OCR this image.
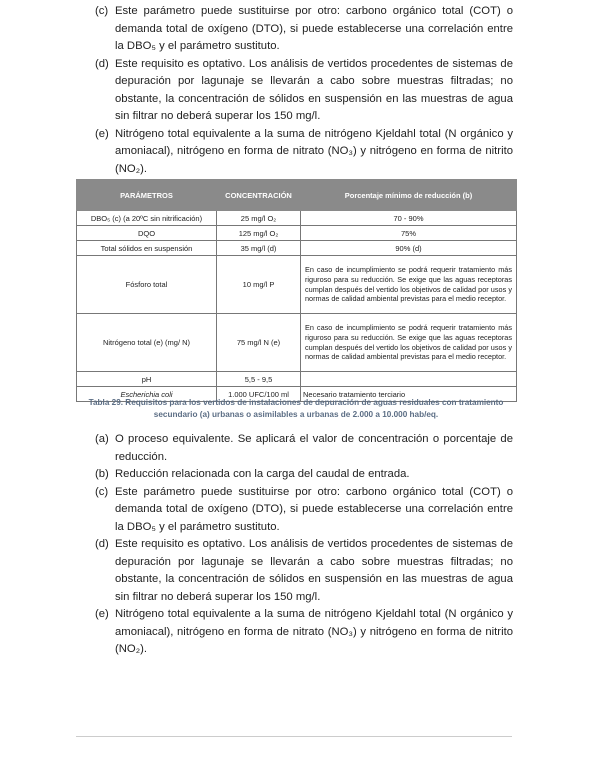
(c) Este parámetro puede sustituirse por otro: carbono orgánico total (COT) o demanda total de oxígeno (DTO), si puede establecerse una correlación entre la DBO₅ y el parámetro sustituto.
(d) Este requisito es optativo. Los análisis de vertidos procedentes de sistemas de depuración por lagunaje se llevarán a cabo sobre muestras filtradas; no obstante, la concentración de sólidos en suspensión en las muestras de agua sin filtrar no deberá superar los 150 mg/l.
(e) Nitrógeno total equivalente a la suma de nitrógeno Kjeldahl total (N orgánico y amoniacal), nitrógeno en forma de nitrato (NO₃) y nitrógeno en forma de nitrito (NO₂).
PARÁMETROS	CONCENTRACIÓN	Porcentaje mínimo de reducción (b)
DBO₅ (c) (a 20ºC sin nitrificación)	25 mg/l O₂	70 - 90%
DQO	125 mg/l O₂	75%
Total sólidos en suspensión	35 mg/l (d)	90% (d)
Fósforo total	10 mg/l P	En caso de incumplimiento se podrá requerir tratamiento más riguroso para su reducción. Se exige que las aguas receptoras cumplan después del vertido los objetivos de calidad por usos y normas de calidad ambiental previstas para el medio receptor.
Nitrógeno total (e) (mg/ N)	75 mg/l N (e)	En caso de incumplimiento se podrá requerir tratamiento más riguroso para su reducción. Se exige que las aguas receptoras cumplan después del vertido los objetivos de calidad por usos y normas de calidad ambiental previstas para el medio receptor.
pH	5,5 - 9,5	
Escherichia coli	1.000 UFC/100 ml	Necesario tratamiento terciario
Tabla 29. Requisitos para los vertidos de instalaciones de depuración de aguas residuales con tratamiento secundario (a) urbanas o asimilables a urbanas de 2.000 a 10.000 hab/eq.
(a) O proceso equivalente. Se aplicará el valor de concentración o porcentaje de reducción.
(b) Reducción relacionada con la carga del caudal de entrada.
(c) Este parámetro puede sustituirse por otro: carbono orgánico total (COT) o demanda total de oxígeno (DTO), si puede establecerse una correlación entre la DBO₅ y el parámetro sustituto.
(d) Este requisito es optativo. Los análisis de vertidos procedentes de sistemas de depuración por lagunaje se llevarán a cabo sobre muestras filtradas; no obstante, la concentración de sólidos en suspensión en las muestras de agua sin filtrar no deberá superar los 150 mg/l.
(e) Nitrógeno total equivalente a la suma de nitrógeno Kjeldahl total (N orgánico y amoniacal), nitrógeno en forma de nitrato (NO₃) y nitrógeno en forma de nitrito (NO₂).
